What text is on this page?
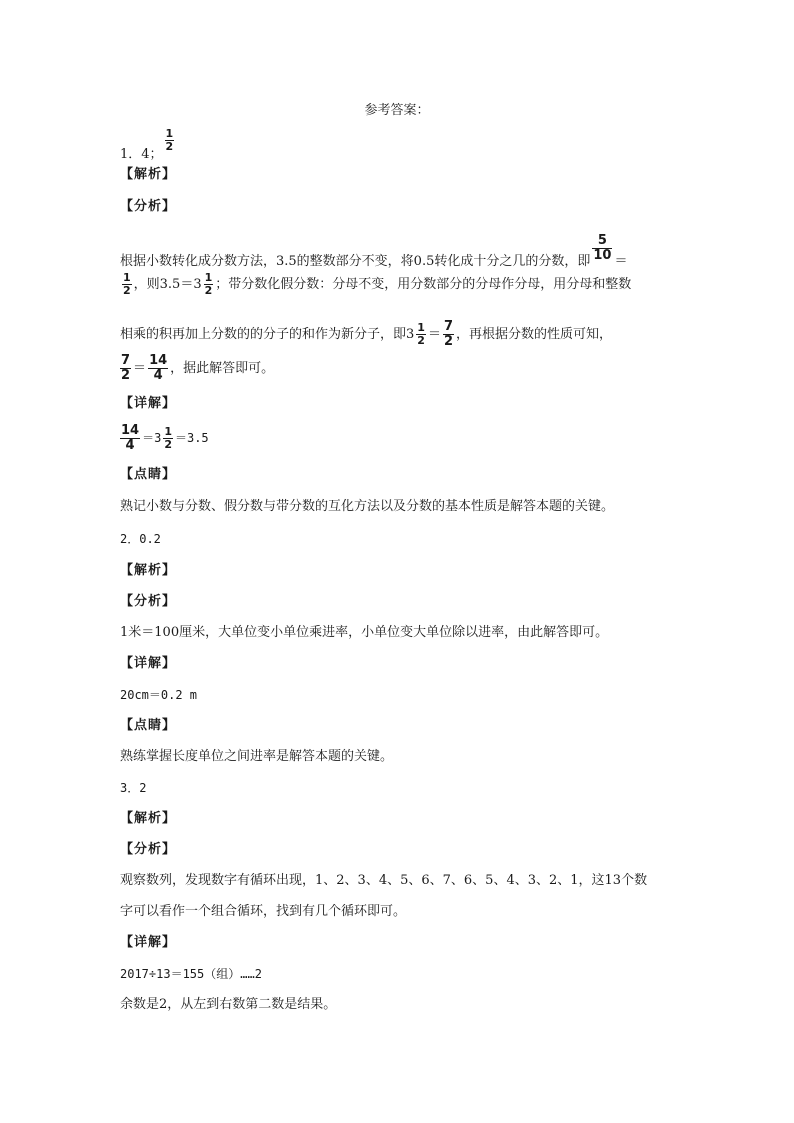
参考答案：
1．4；
$\frac{1}{2}$
【解析】
【分析】
根据小数转化成分数方法，3.5的整数部分不变，将0.5转化成十分之几的分数，即 $\frac{5}{10}$ ＝
$\frac{1}{2}$ ，则$3.5=3 \frac{1}{2}$ ；带分数化假分数：分母不变，用分数部分的分母作分母，用分母和整数
相乘的积再加上分数的的分子的和作为新分子，即$3 \frac{1}{2} = \frac{7}{2}$ ，再根据分数的性质可知，
$\frac{7}{2} = \frac{14}{4}$ ，据此解答即可。
【详解】
$\frac{14}{4} =3 \frac{1}{2} =3.5$
【点睛】
熟记小数与分数、假分数与带分数的互化方法以及分数的基本性质是解答本题的关键。
2．0.2
【解析】
【分析】
1米＝100厘米，大单位变小单位乘进率，小单位变大单位除以进率，由此解答即可。
【详解】
20cm＝0.2 m
【点睛】
熟练掌握长度单位之间进率是解答本题的关键。
3．2
【解析】
【分析】
观察数列，发现数字有循环出现，1、2、3、4、5、6、7、6、5、4、3、2、1，这13个数
字可以看作一个组合循环，找到有几个循环即可。
【详解】
2017÷13＝155（组）……2
余数是2，从左到右数第二数是结果。
